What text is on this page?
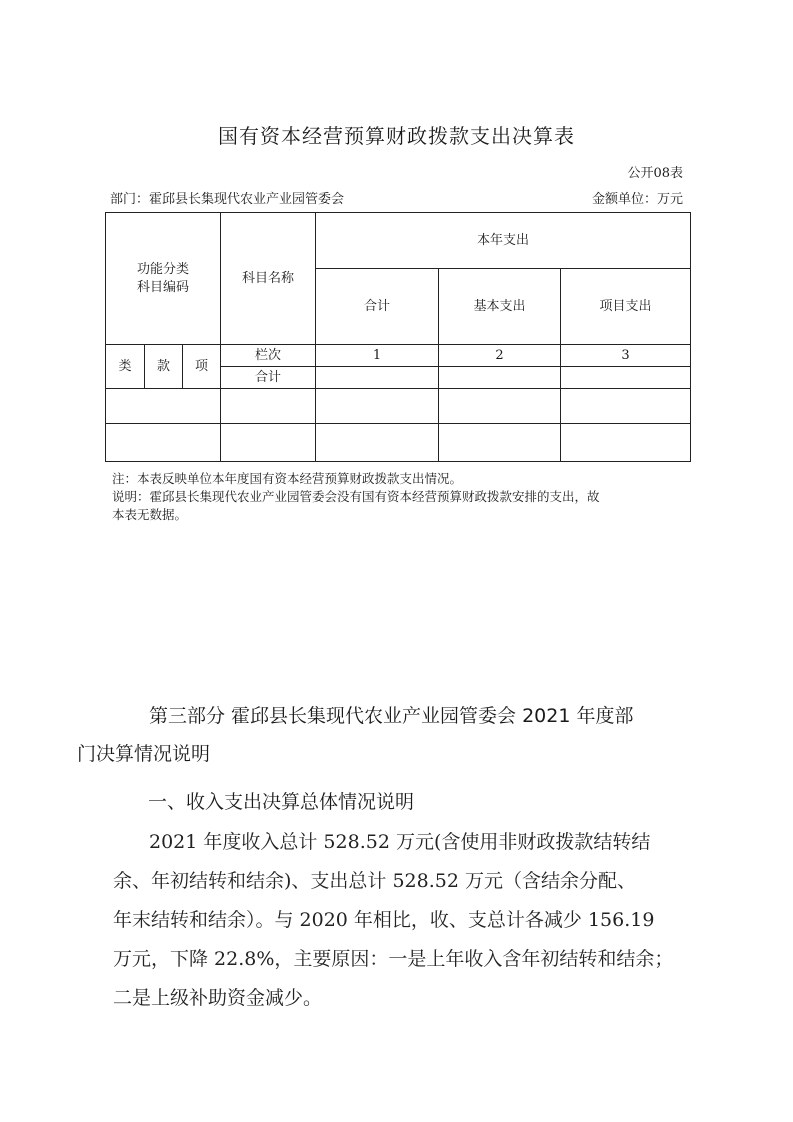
国有资本经营预算财政拨款支出决算表
公开08表
部门：霍邱县长集现代农业产业园管委会	金额单位：万元
功能分类
科目编码			科目名称	本年支出		
				合计	基本支出	项目支出
类	款	项	栏次	1	2	3
			合计			

注：本表反映单位本年度国有资本经营预算财政拨款支出情况。
说明：霍邱县长集现代农业产业园管委会没有国有资本经营预算财政拨款安排的支出，故
本表无数据。
第三部分 霍邱县长集现代农业产业园管委会 2021 年度部
门决算情况说明
一、收入支出决算总体情况说明
2021 年度收入总计 528.52 万元(含使用非财政拨款结转结
余、年初结转和结余)、支出总计 528.52 万元（含结余分配、
年末结转和结余）。与 2020 年相比，收、支总计各减少 156.19
万元，下降 22.8%，主要原因：一是上年收入含年初结转和结余；
二是上级补助资金减少。
